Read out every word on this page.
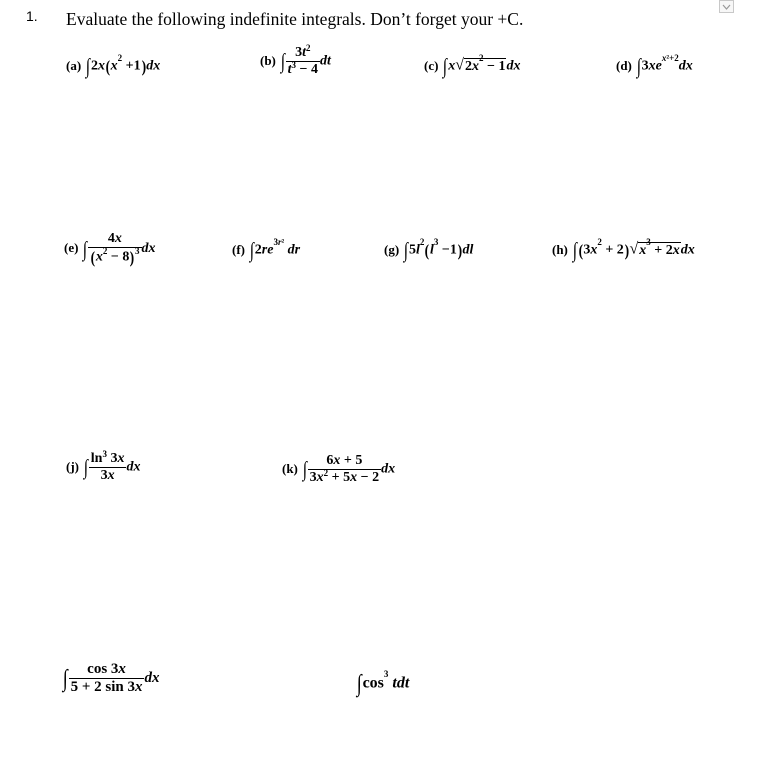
1. Evaluate the following indefinite integrals. Don’t forget your +C.
(a) $\int 2x(x^2 +1)dx$	(b) ∫ $\frac{3t^2}{t^3 - 4}$ dt	(c) $\int x√2x^2 - 1dx$	(d) $\int 3xe^{x^2+2}dx$
(e) ∫ $\frac{4x}{(x^2 - 8)^3}$ dx	(f) $\int 2re^{3r^2}$ dr	(g) $\int 5l^2(l^3 -1)dl$	(h) $\int(3x^2 + 2)√x^3 + 2xdx$
(j) ∫ $\frac{\ln^3 3x}{3x}$ dx	(k) ∫ $\frac{6x + 5}{3x^2 + 5x - 2}$ dx
∫ $\frac{\cos 3x}{5 + 2 \sin 3x}$ dx	$\int\cos^3$ tdt
